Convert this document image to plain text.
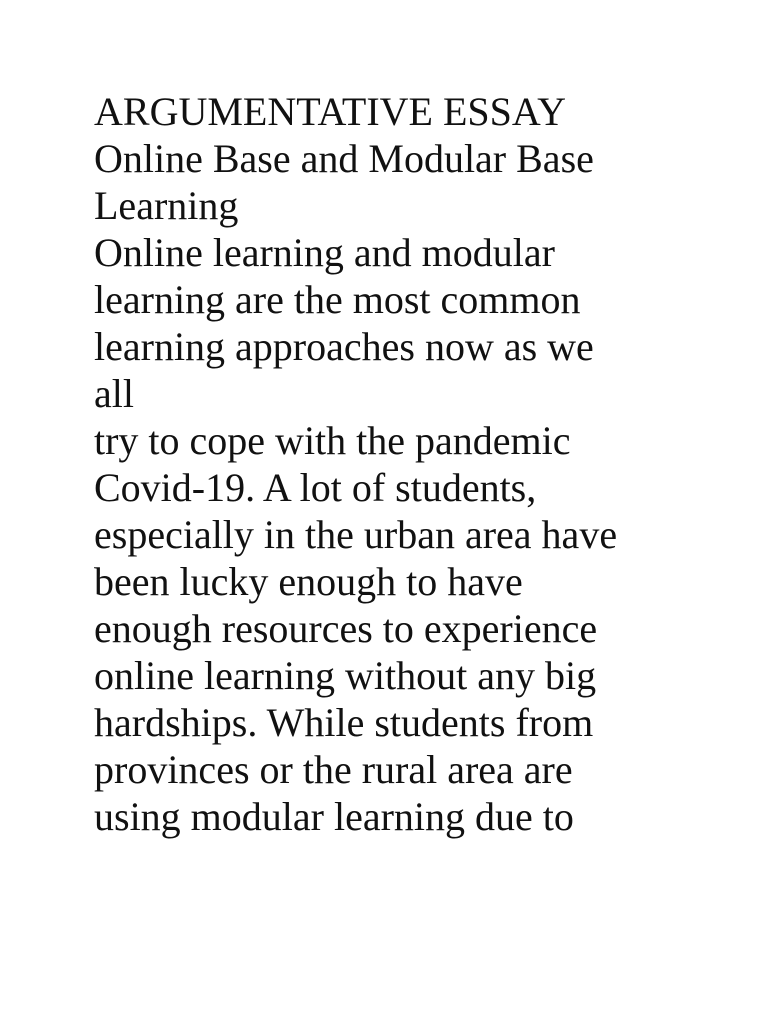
ARGUMENTATIVE ESSAY
Online Base and Modular Base
Learning
Online learning and modular
learning are the most common
learning approaches now as we
all
try to cope with the pandemic
Covid-19. A lot of students,
especially in the urban area have
been lucky enough to have
enough resources to experience
online learning without any big
hardships. While students from
provinces or the rural area are
using modular learning due to
